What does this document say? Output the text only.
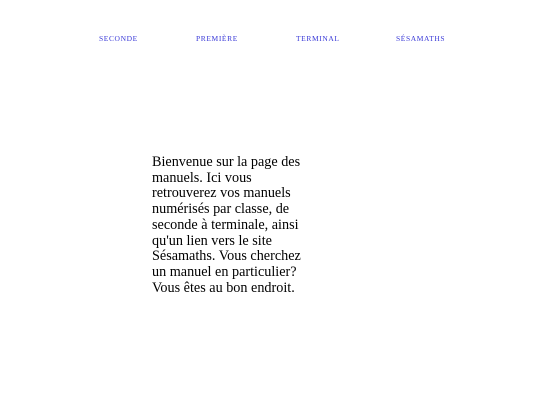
SECONDE	PREMIÈRE	TERMINAL	SÉSAMATHS

Bienvenue sur la page des manuels. Ici vous retrouverez vos manuels numérisés par classe, de seconde à terminale, ainsi qu'un lien vers le site Sésamaths. Vous cherchez un manuel en particulier? Vous êtes au bon endroit.
